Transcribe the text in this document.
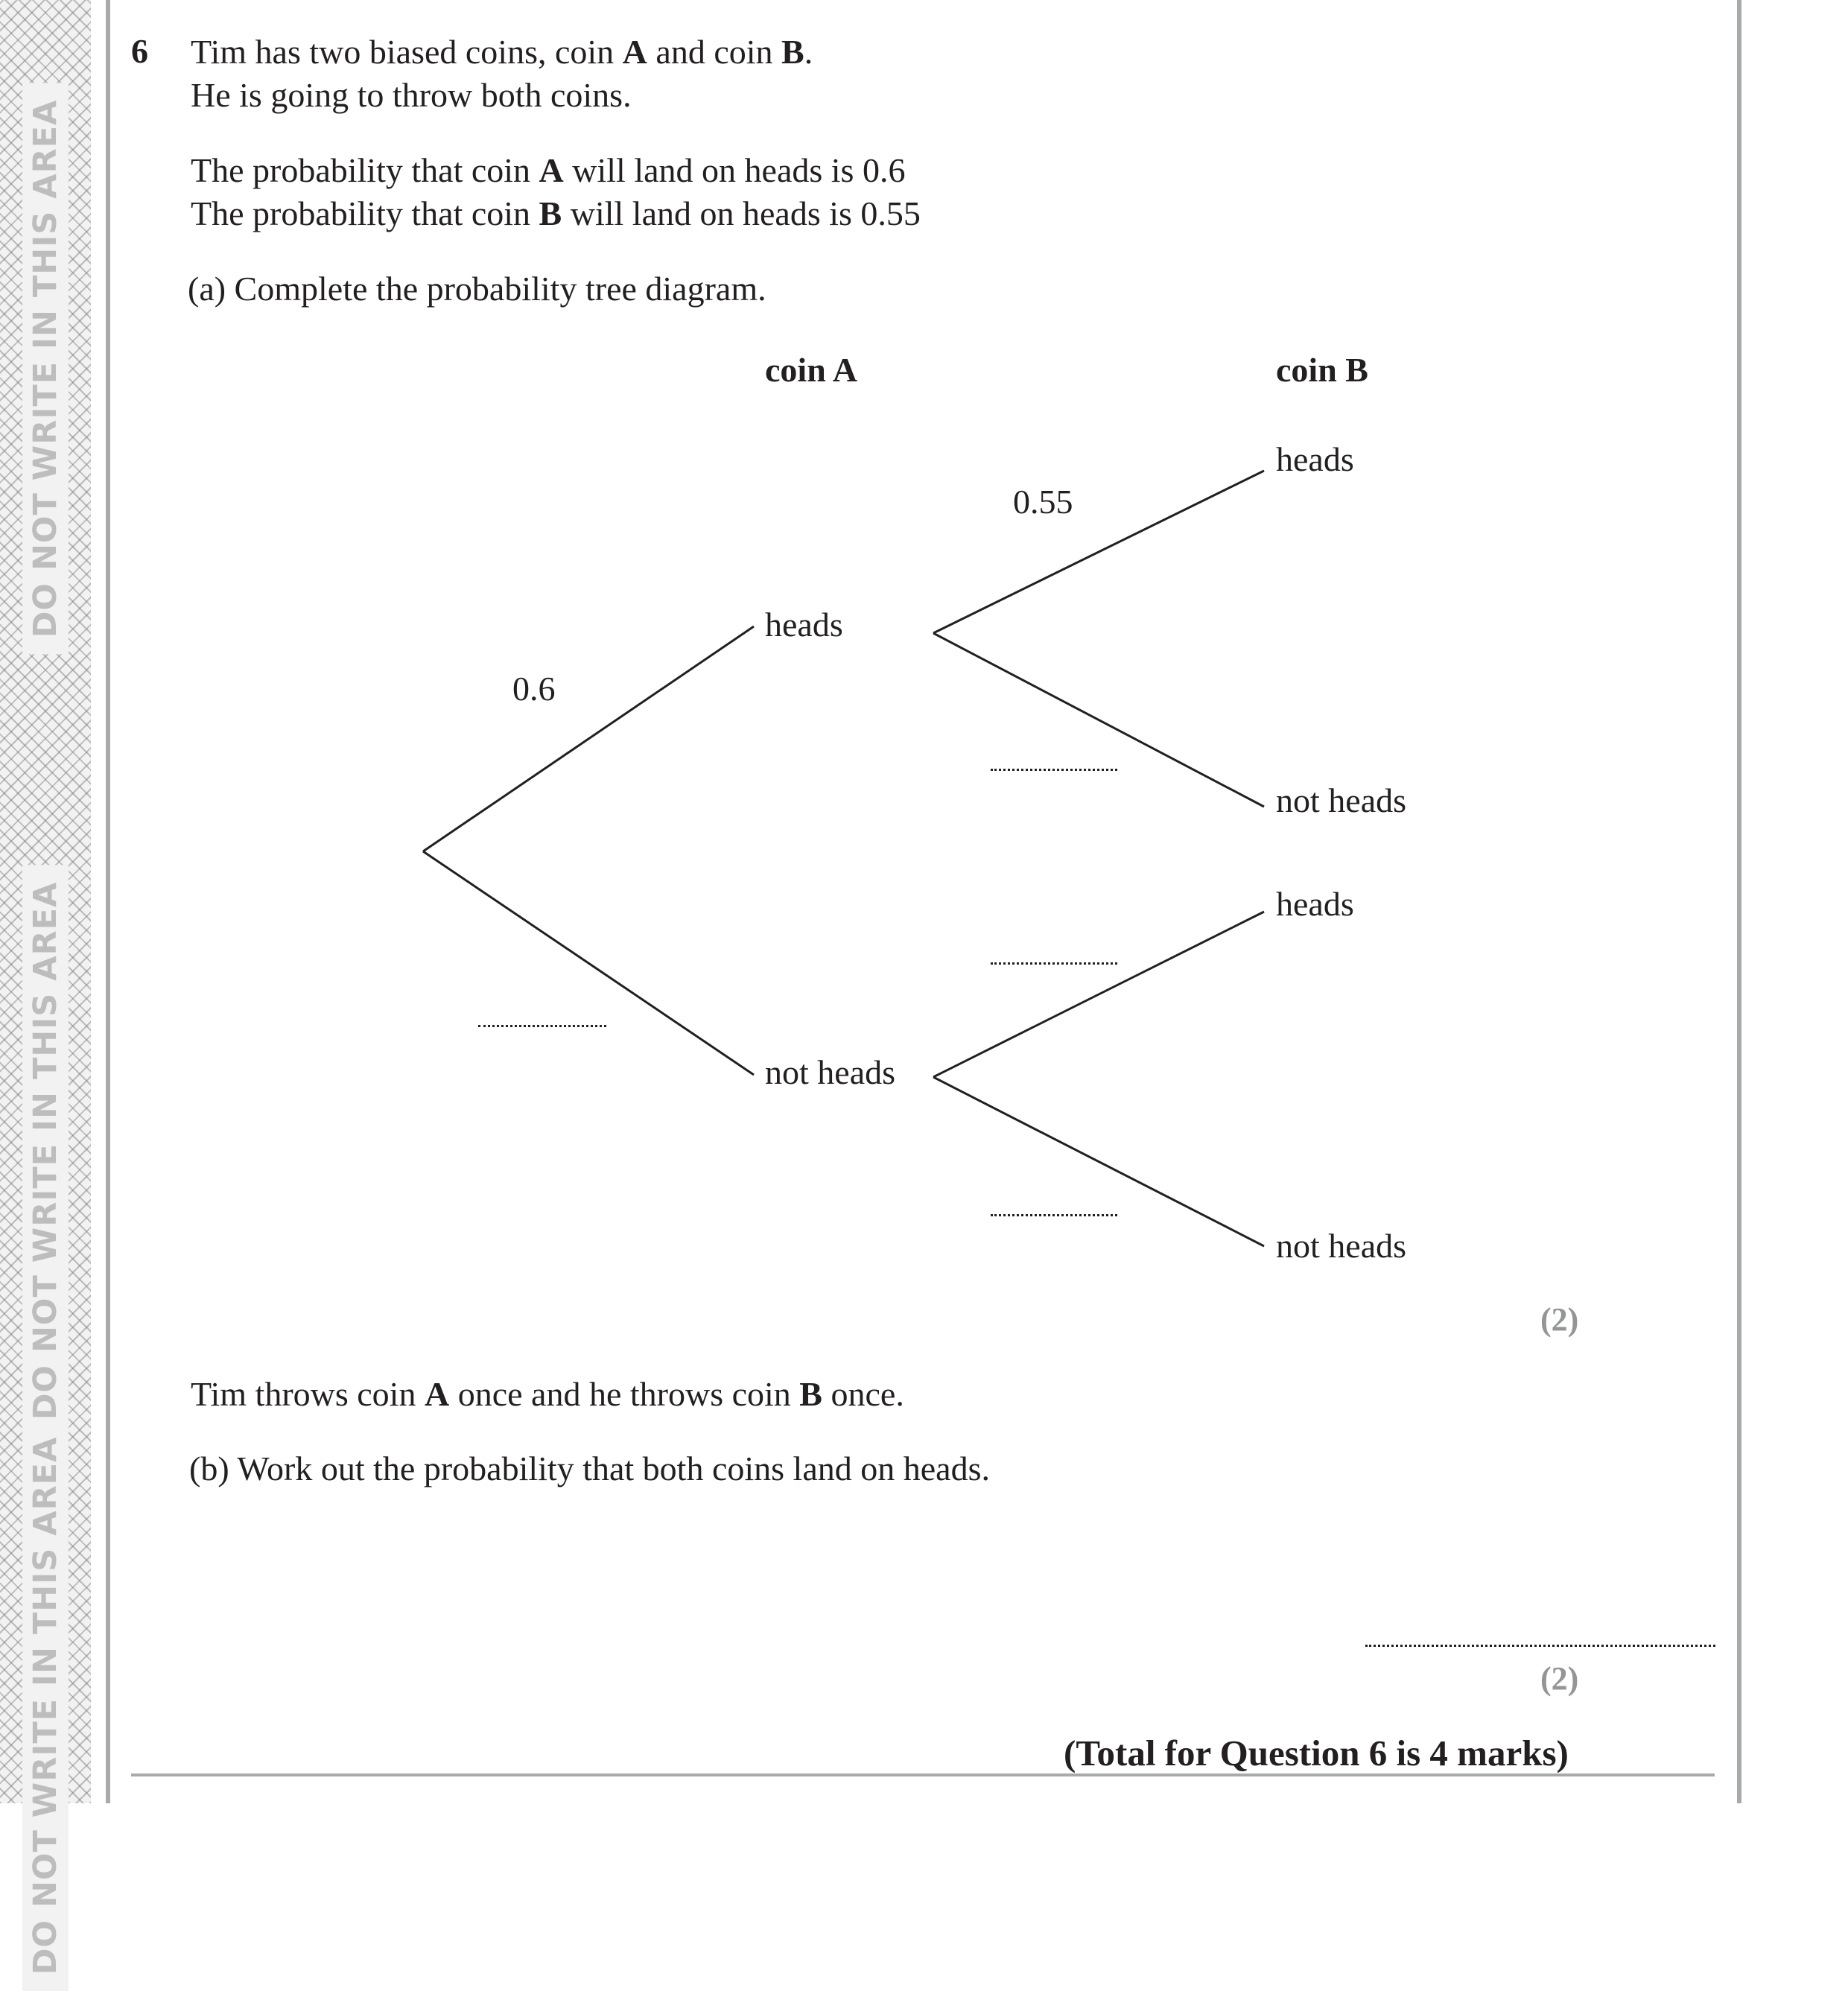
DO NOT WRITE IN THIS AREA
DO NOT WRITE IN THIS AREA
DO NOT WRITE IN THIS AREA
6 Tim has two biased coins, coin A and coin B.
He is going to throw both coins.
The probability that coin A will land on heads is 0.6
The probability that coin B will land on heads is 0.55
(a) Complete the probability tree diagram.
coin A	coin B
heads
not heads
heads
not heads
heads
not heads
0.6
0.55
(2)
Tim throws coin A once and he throws coin B once.
(b) Work out the probability that both coins land on heads.
(2)
(Total for Question 6 is 4 marks)
